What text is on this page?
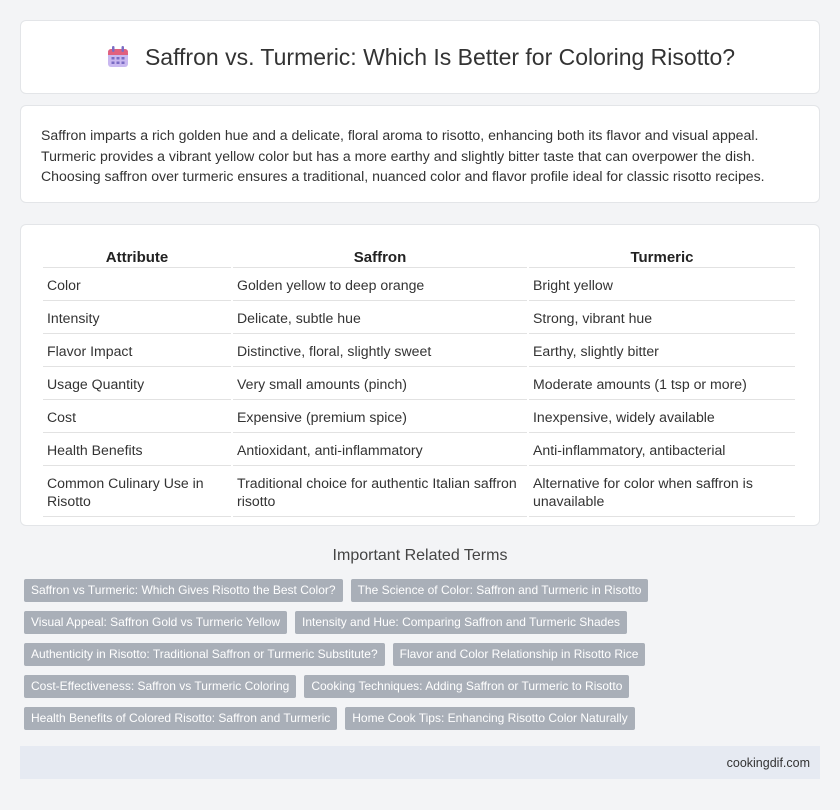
Saffron vs. Turmeric: Which Is Better for Coloring Risotto?

Saffron imparts a rich golden hue and a delicate, floral aroma to risotto, enhancing both its flavor and visual appeal. Turmeric provides a vibrant yellow color but has a more earthy and slightly bitter taste that can overpower the dish. Choosing saffron over turmeric ensures a traditional, nuanced color and flavor profile ideal for classic risotto recipes.

Attribute	Saffron	Turmeric
Color	Golden yellow to deep orange	Bright yellow
Intensity	Delicate, subtle hue	Strong, vibrant hue
Flavor Impact	Distinctive, floral, slightly sweet	Earthy, slightly bitter
Usage Quantity	Very small amounts (pinch)	Moderate amounts (1 tsp or more)
Cost	Expensive (premium spice)	Inexpensive, widely available
Health Benefits	Antioxidant, anti-inflammatory	Anti-inflammatory, antibacterial
Common Culinary Use in Risotto	Traditional choice for authentic Italian saffron risotto	Alternative for color when saffron is unavailable
Important Related Terms
Saffron vs Turmeric: Which Gives Risotto the Best Color?	The Science of Color: Saffron and Turmeric in Risotto
Visual Appeal: Saffron Gold vs Turmeric Yellow	Intensity and Hue: Comparing Saffron and Turmeric Shades
Authenticity in Risotto: Traditional Saffron or Turmeric Substitute?	Flavor and Color Relationship in Risotto Rice
Cost-Effectiveness: Saffron vs Turmeric Coloring	Cooking Techniques: Adding Saffron or Turmeric to Risotto
Health Benefits of Colored Risotto: Saffron and Turmeric	Home Cook Tips: Enhancing Risotto Color Naturally
cookingdif.com
